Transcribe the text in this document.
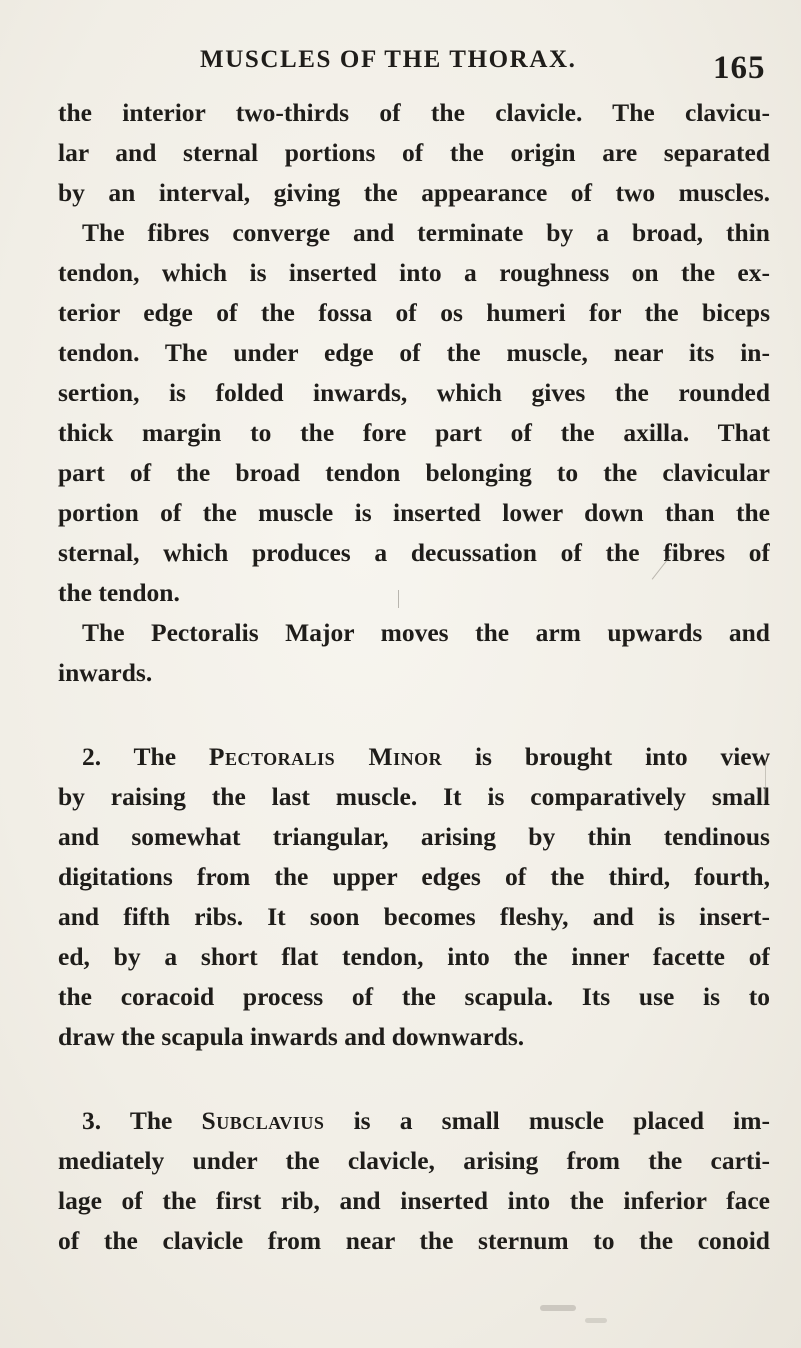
MUSCLES OF THE THORAX.	165
the interior two-thirds of the clavicle. The clavicu-
lar and sternal portions of the origin are separated
by an interval, giving the appearance of two muscles.
The fibres converge and terminate by a broad, thin
tendon, which is inserted into a roughness on the ex-
terior edge of the fossa of os humeri for the biceps
tendon. The under edge of the muscle, near its in-
sertion, is folded inwards, which gives the rounded
thick margin to the fore part of the axilla. That
part of the broad tendon belonging to the clavicular
portion of the muscle is inserted lower down than the
sternal, which produces a decussation of the fibres of
the tendon.
The Pectoralis Major moves the arm upwards and
inwards.
2. The Pectoralis Minor is brought into view
by raising the last muscle. It is comparatively small
and somewhat triangular, arising by thin tendinous
digitations from the upper edges of the third, fourth,
and fifth ribs. It soon becomes fleshy, and is insert-
ed, by a short flat tendon, into the inner facette of
the coracoid process of the scapula. Its use is to
draw the scapula inwards and downwards.
3. The Subclavius is a small muscle placed im-
mediately under the clavicle, arising from the carti-
lage of the first rib, and inserted into the inferior face
of the clavicle from near the sternum to the conoid
